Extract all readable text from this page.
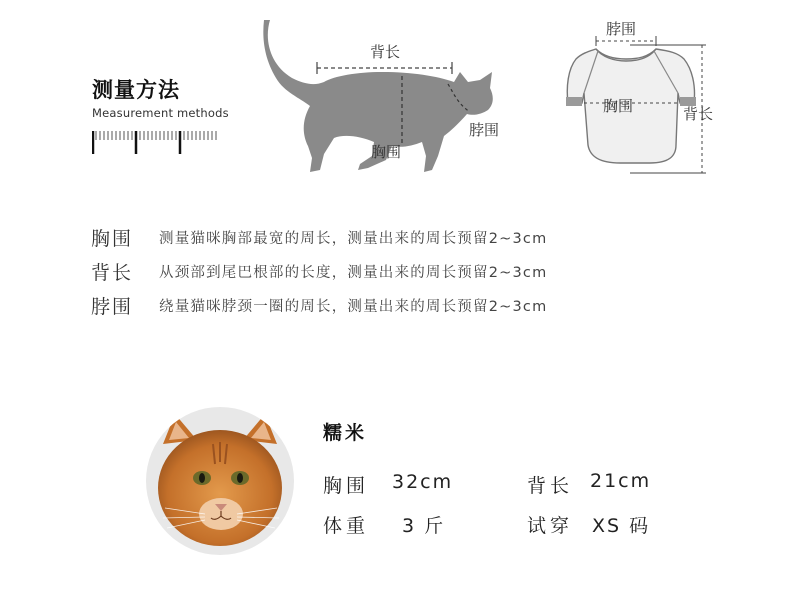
测量方法
Measurement methods
背长
脖围
胸围
脖围
胸围	背长
胸围	测量猫咪胸部最宽的周长，测量出来的周长预留2~3cm
背长	从颈部到尾巴根部的长度，测量出来的周长预留2~3cm
脖围	绕量猫咪脖颈一圈的周长，测量出来的周长预留2~3cm
糯米
胸围 32cm	背长 21cm
体重 3 斤	试穿 XS 码
